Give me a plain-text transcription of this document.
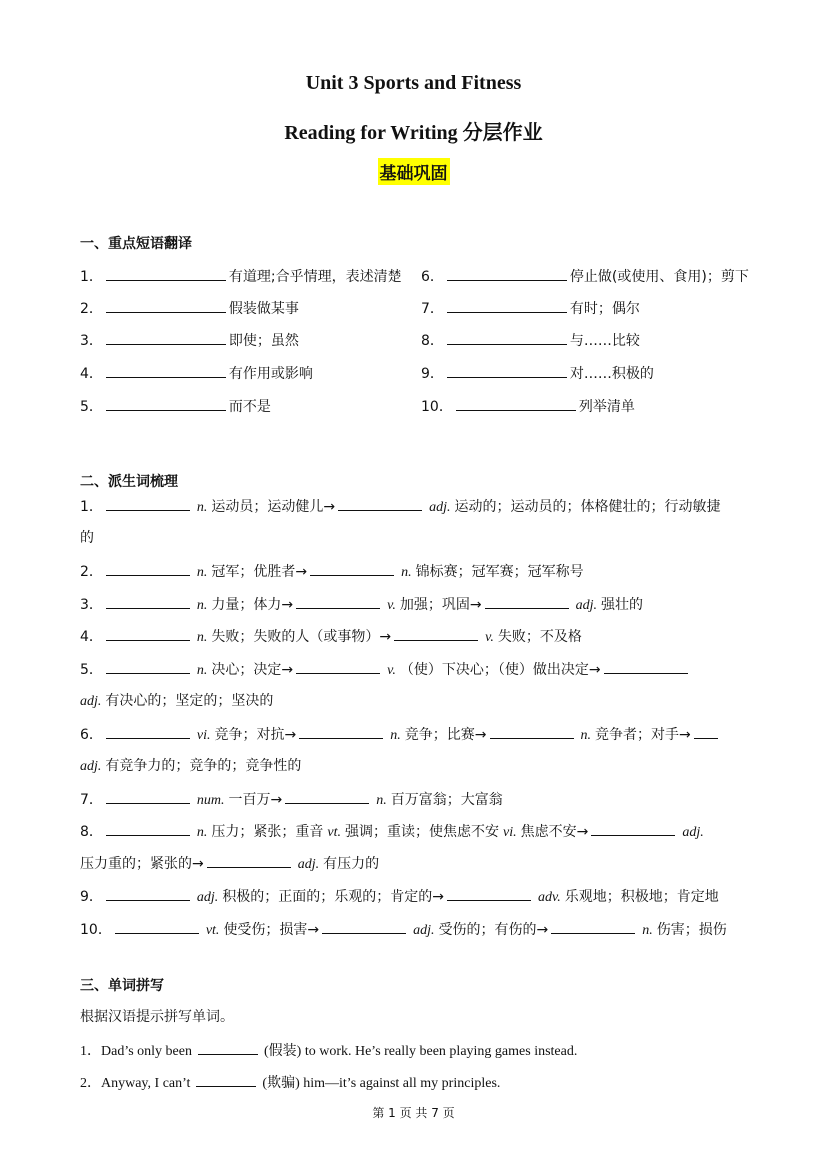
Unit 3 Sports and Fitness
Reading for Writing 分层作业
基础巩固
一、重点短语翻译
1．	有道理;合乎情理，表述清楚
2．	假装做某事
3．	即使；虽然
4．	有作用或影响
5．	而不是
6．	停止做(或使用、食用)；剪下
7．	有时；偶尔
8．	与……比较
9．	对……积极的
10．	列举清单
二、派生词梳理
1．	n. 运动员；运动健儿→	adj. 运动的；运动员的；体格健壮的；行动敏捷
的
2．	n. 冠军；优胜者→	n. 锦标赛；冠军赛；冠军称号
3．	n. 力量；体力→	v. 加强；巩固→	adj. 强壮的
4．	n. 失败；失败的人（或事物）→	v. 失败；不及格
5．	n. 决心；决定→	v. （使）下决心；（使）做出决定→
adj. 有决心的；坚定的；坚决的
6．	vi. 竞争；对抗→	n. 竞争；比赛→	n. 竞争者；对手→
adj. 有竞争力的；竞争的；竞争性的
7．	num. 一百万→	n. 百万富翁；大富翁
8．	n. 压力；紧张；重音 vt. 强调；重读；使焦虑不安 vi. 焦虑不安→	adj.
压力重的；紧张的→	adj. 有压力的
9．	adj. 积极的；正面的；乐观的；肯定的→	adv. 乐观地；积极地；肯定地
10．	vt. 使受伤；损害→	adj. 受伤的；有伤的→	n. 伤害；损伤
三、单词拼写
根据汉语提示拼写单词。
1．Dad’s only been	(假装) to work. He’s really been playing games instead.
2．Anyway, I can’t	(欺骗) him—it’s against all my principles.
第 1 页 共 7 页
